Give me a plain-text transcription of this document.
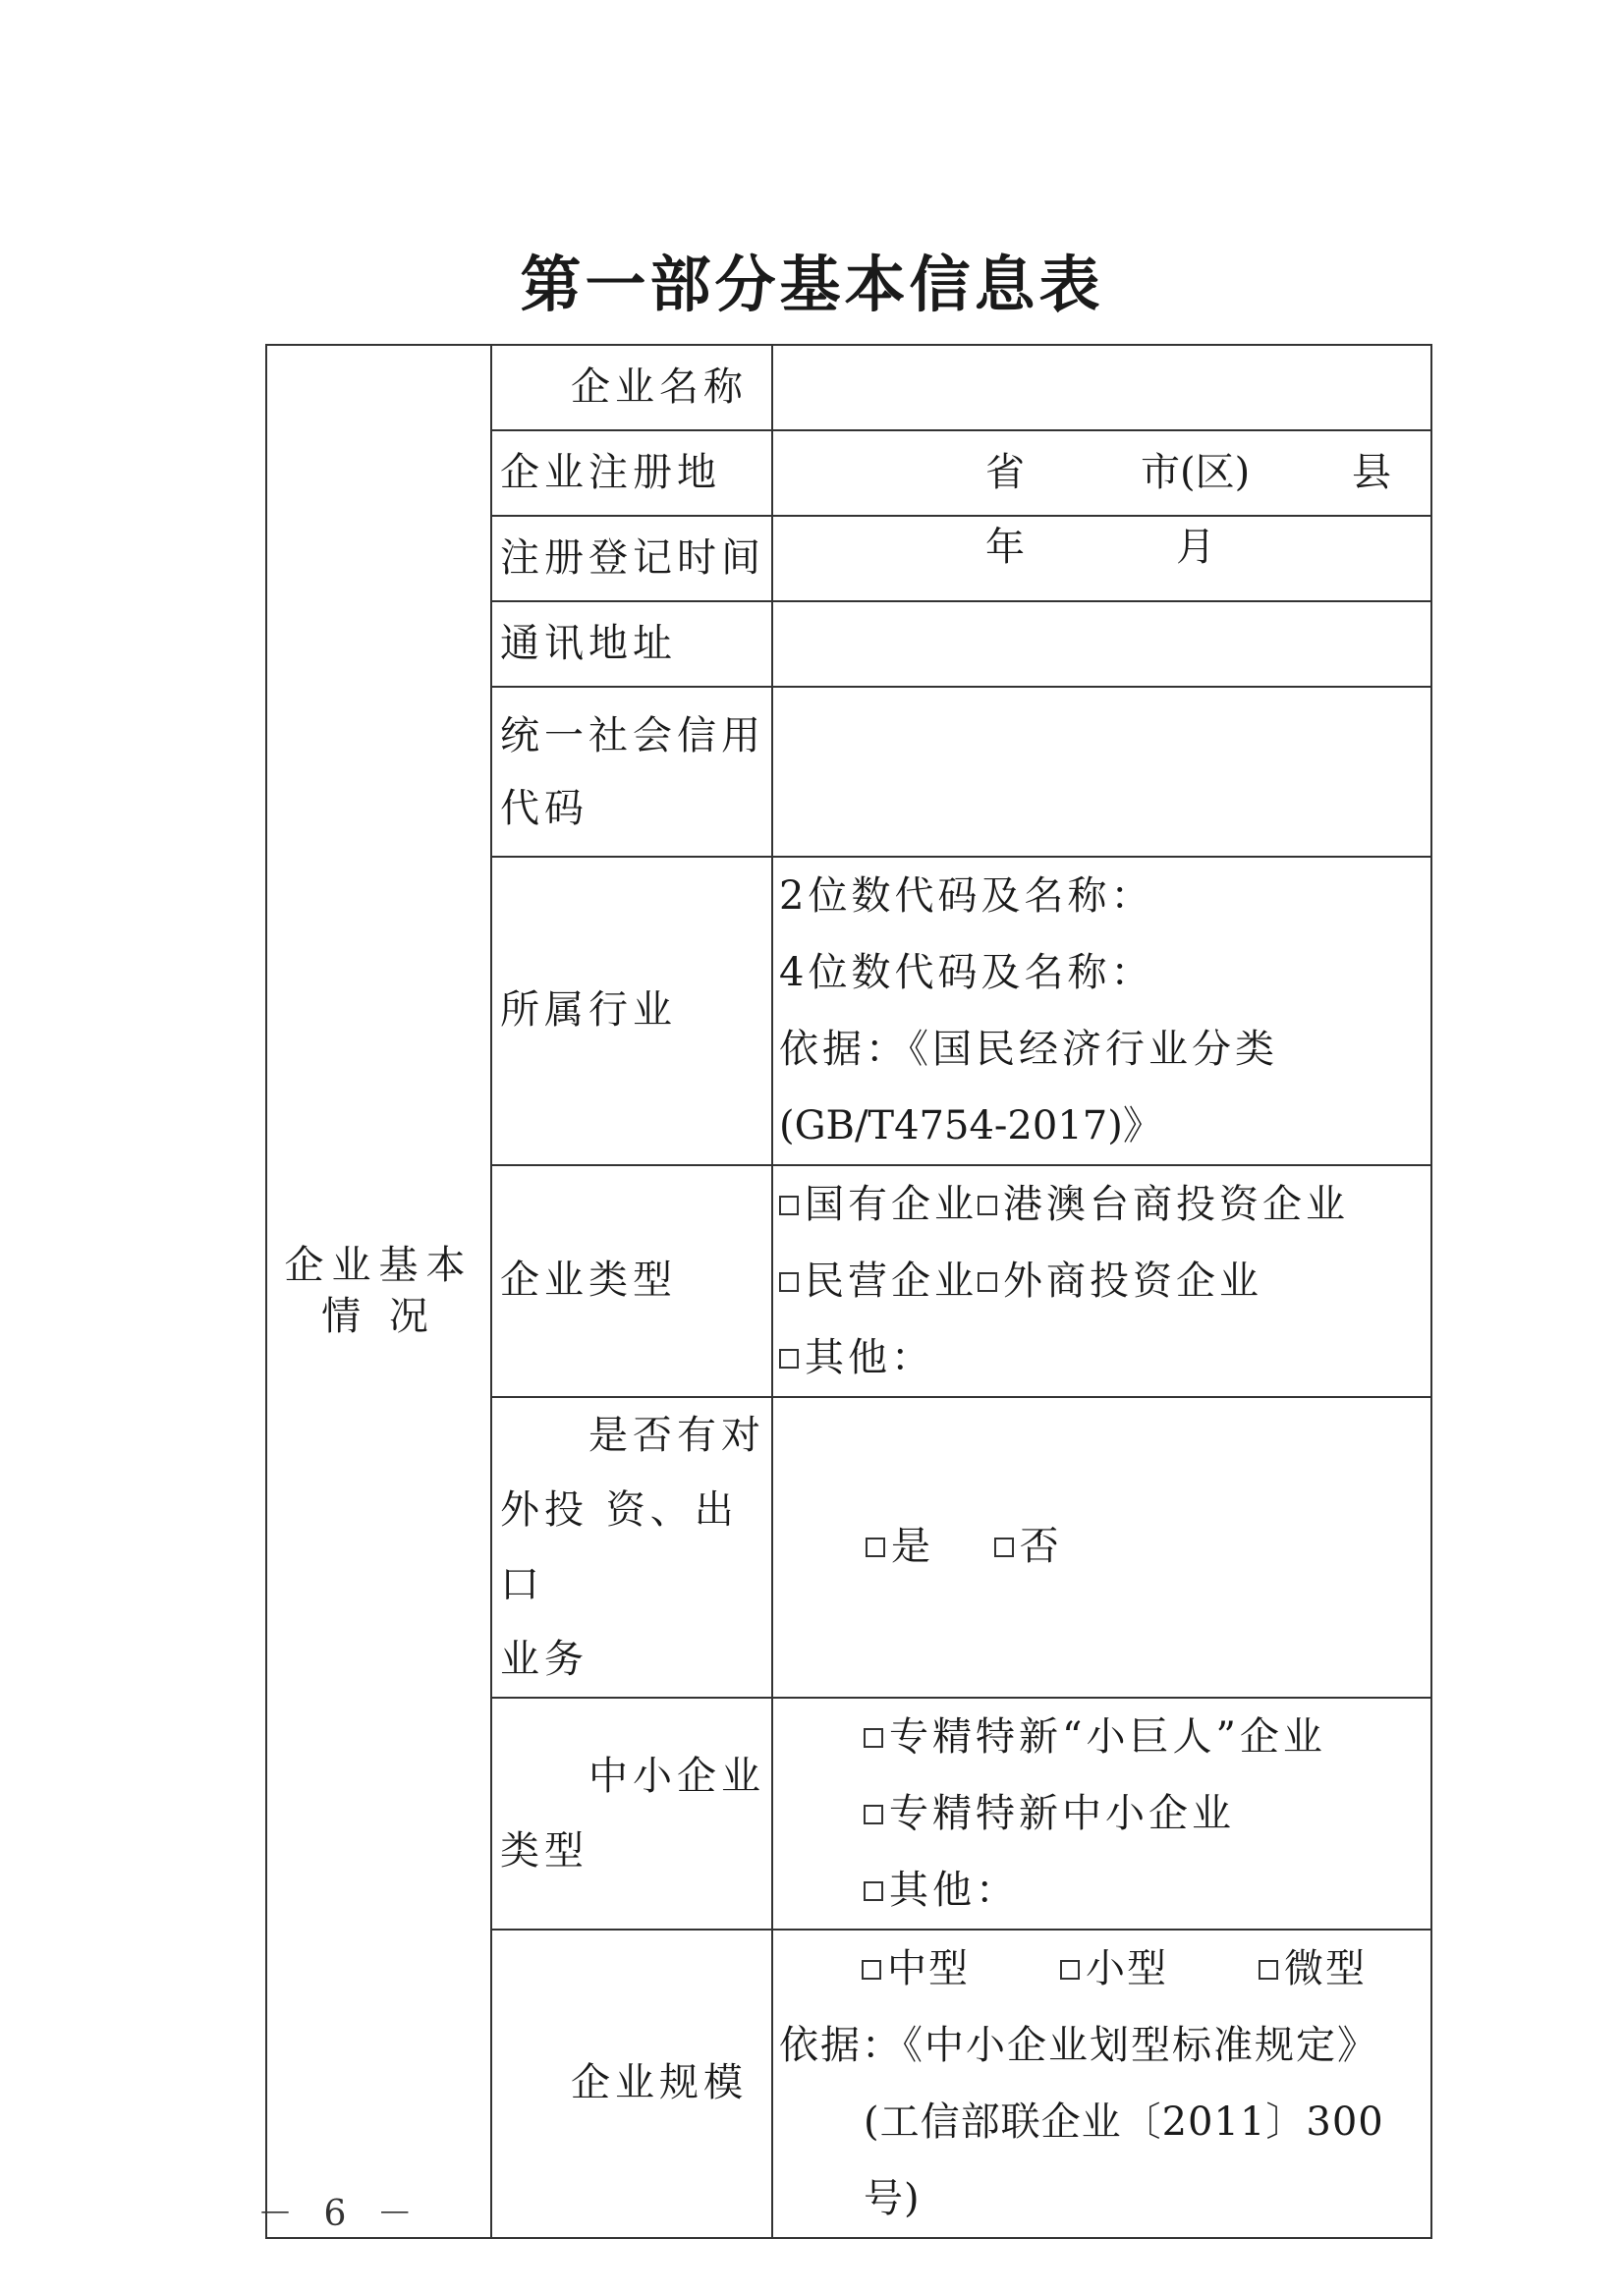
第一部分基本信息表
企业基本
情 况	企业名称	
	企业注册地	省 市(区) 县

	注册登记时间	年 月

	通讯地址	

	统一社会信用
代码	

	所属行业	2位数代码及名称：
4位数代码及名称：
依据：《国民经济行业分类
(GB/T4754-2017)》

	企业类型	国有企业 港澳台商投资企业
民营企业 外商投资企业
其他：

	是否有对
外投 资、出口
业务	是 否

	中小企业
类型	专精特新“小巨人”企业
专精特新中小企业
其他：

	企业规模	中型 小型 微型
依据：《中小企业划型标准规定》
(工信部联企业〔2011〕300号)
－ 6 －
